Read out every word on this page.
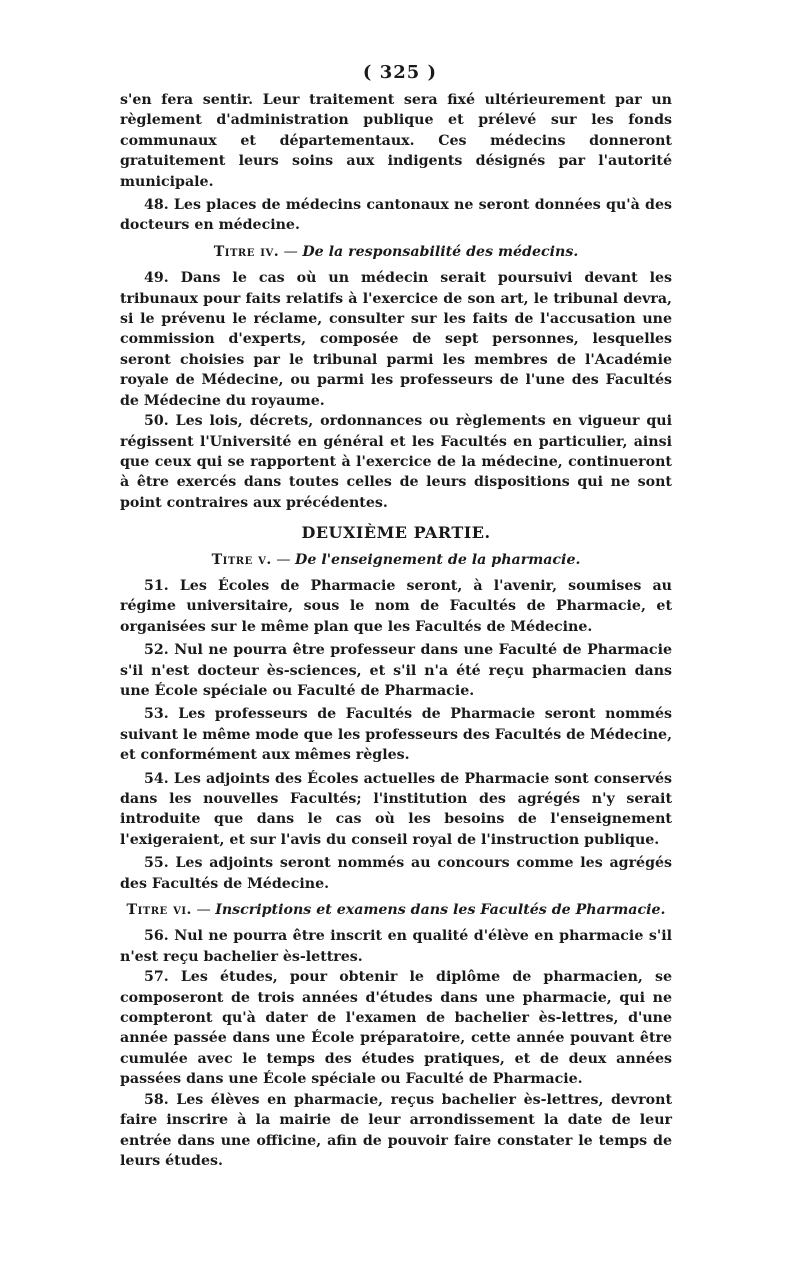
( 325 )

s'en fera sentir. Leur traitement sera fixé ultérieurement par un règlement d'administration publique et prélevé sur les fonds communaux et départementaux. Ces médecins donneront gratuitement leurs soins aux indigents désignés par l'autorité municipale.

48. Les places de médecins cantonaux ne seront données qu'à des docteurs en médecine.

Titre iv. — De la responsabilité des médecins.

49. Dans le cas où un médecin serait poursuivi devant les tribunaux pour faits relatifs à l'exercice de son art, le tribunal devra, si le prévenu le réclame, consulter sur les faits de l'accusation une commission d'experts, composée de sept personnes, lesquelles seront choisies par le tribunal parmi les membres de l'Académie royale de Médecine, ou parmi les professeurs de l'une des Facultés de Médecine du royaume.

50. Les lois, décrets, ordonnances ou règlements en vigueur qui régissent l'Université en général et les Facultés en particulier, ainsi que ceux qui se rapportent à l'exercice de la médecine, continueront à être exercés dans toutes celles de leurs dispositions qui ne sont point contraires aux précédentes.

DEUXIÈME PARTIE.

Titre v. — De l'enseignement de la pharmacie.

51. Les Écoles de Pharmacie seront, à l'avenir, soumises au régime universitaire, sous le nom de Facultés de Pharmacie, et organisées sur le même plan que les Facultés de Médecine.

52. Nul ne pourra être professeur dans une Faculté de Pharmacie s'il n'est docteur ès-sciences, et s'il n'a été reçu pharmacien dans une École spéciale ou Faculté de Pharmacie.

53. Les professeurs de Facultés de Pharmacie seront nommés suivant le même mode que les professeurs des Facultés de Médecine, et conformément aux mêmes règles.

54. Les adjoints des Écoles actuelles de Pharmacie sont conservés dans les nouvelles Facultés; l'institution des agrégés n'y serait introduite que dans le cas où les besoins de l'enseignement l'exigeraient, et sur l'avis du conseil royal de l'instruction publique.

55. Les adjoints seront nommés au concours comme les agrégés des Facultés de Médecine.

Titre vi. — Inscriptions et examens dans les Facultés de Pharmacie.

56. Nul ne pourra être inscrit en qualité d'élève en pharmacie s'il n'est reçu bachelier ès-lettres.

57. Les études, pour obtenir le diplôme de pharmacien, se composeront de trois années d'études dans une pharmacie, qui ne compteront qu'à dater de l'examen de bachelier ès-lettres, d'une année passée dans une École préparatoire, cette année pouvant être cumulée avec le temps des études pratiques, et de deux années passées dans une École spéciale ou Faculté de Pharmacie.

58. Les élèves en pharmacie, reçus bachelier ès-lettres, devront faire inscrire à la mairie de leur arrondissement la date de leur entrée dans une officine, afin de pouvoir faire constater le temps de leurs études.
